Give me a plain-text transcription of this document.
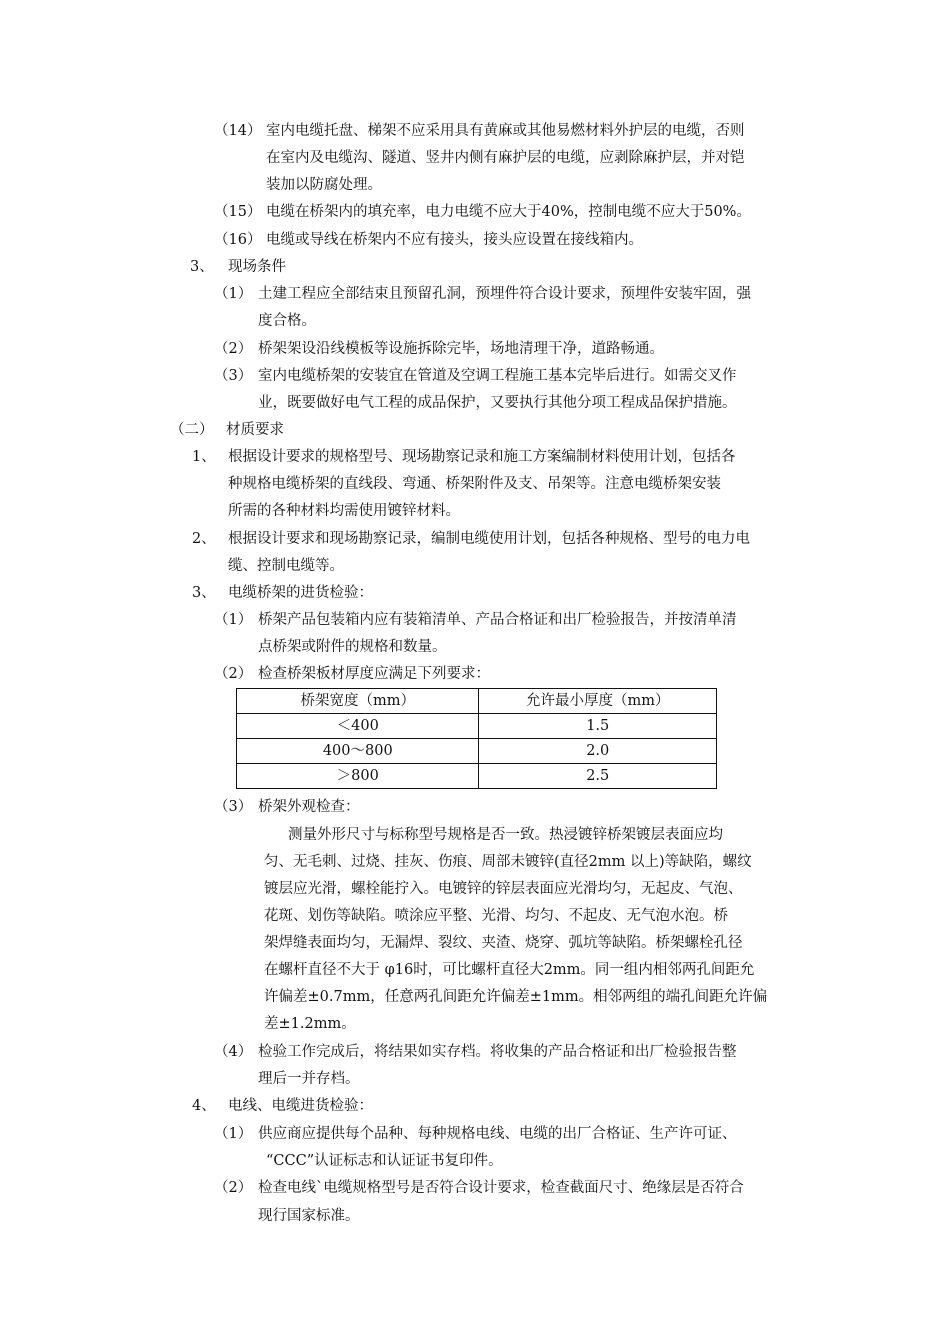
（14） 室内电缆托盘、梯架不应采用具有黄麻或其他易燃材料外护层的电缆，否则
在室内及电缆沟、隧道、竖井内侧有麻护层的电缆，应剥除麻护层，并对铠
装加以防腐处理。
（15） 电缆在桥架内的填充率，电力电缆不应大于40%，控制电缆不应大于50%。
（16） 电缆或导线在桥架内不应有接头，接头应设置在接线箱内。
3、 现场条件
（1） 土建工程应全部结束且预留孔洞，预埋件符合设计要求，预埋件安装牢固，强
度合格。
（2） 桥架架设沿线模板等设施拆除完毕，场地清理干净，道路畅通。
（3） 室内电缆桥架的安装宜在管道及空调工程施工基本完毕后进行。如需交叉作
业，既要做好电气工程的成品保护，又要执行其他分项工程成品保护措施。
（二） 材质要求
1、 根据设计要求的规格型号、现场勘察记录和施工方案编制材料使用计划，包括各
种规格电缆桥架的直线段、弯通、桥架附件及支、吊架等。注意电缆桥架安装
所需的各种材料均需使用镀锌材料。
2、 根据设计要求和现场勘察记录，编制电缆使用计划，包括各种规格、型号的电力电
缆、控制电缆等。
3、 电缆桥架的进货检验：
（1） 桥架产品包装箱内应有装箱清单、产品合格证和出厂检验报告，并按清单清
点桥架或附件的规格和数量。
（2） 检查桥架板材厚度应满足下列要求：
桥架宽度（mm）	允许最小厚度（mm）
＜400	1.5
400～800	2.0
＞800	2.5
（3） 桥架外观检查：
测量外形尺寸与标称型号规格是否一致。热浸镀锌桥架镀层表面应均
匀、无毛刺、过烧、挂灰、伤痕、周部未镀锌(直径2mm 以上)等缺陷，螺纹
镀层应光滑，螺栓能拧入。电镀锌的锌层表面应光滑均匀，无起皮、气泡、
花斑、划伤等缺陷。喷涂应平整、光滑、均匀、不起皮、无气泡水泡。桥
架焊缝表面均匀，无漏焊、裂纹、夹渣、烧穿、弧坑等缺陷。桥架螺栓孔径
在螺杆直径不大于 φ16时，可比螺杆直径大2mm。同一组内相邻两孔间距允
许偏差±0.7mm，任意两孔间距允许偏差±1mm。相邻两组的端孔间距允许偏
差±1.2mm。
（4） 检验工作完成后，将结果如实存档。将收集的产品合格证和出厂检验报告整
理后一并存档。
4、 电线、电缆进货检验：
（1） 供应商应提供每个品种、每种规格电线、电缆的出厂合格证、生产许可证、
“CCC”认证标志和认证证书复印件。
（2） 检查电线`电缆规格型号是否符合设计要求，检查截面尺寸、绝缘层是否符合
现行国家标准。
